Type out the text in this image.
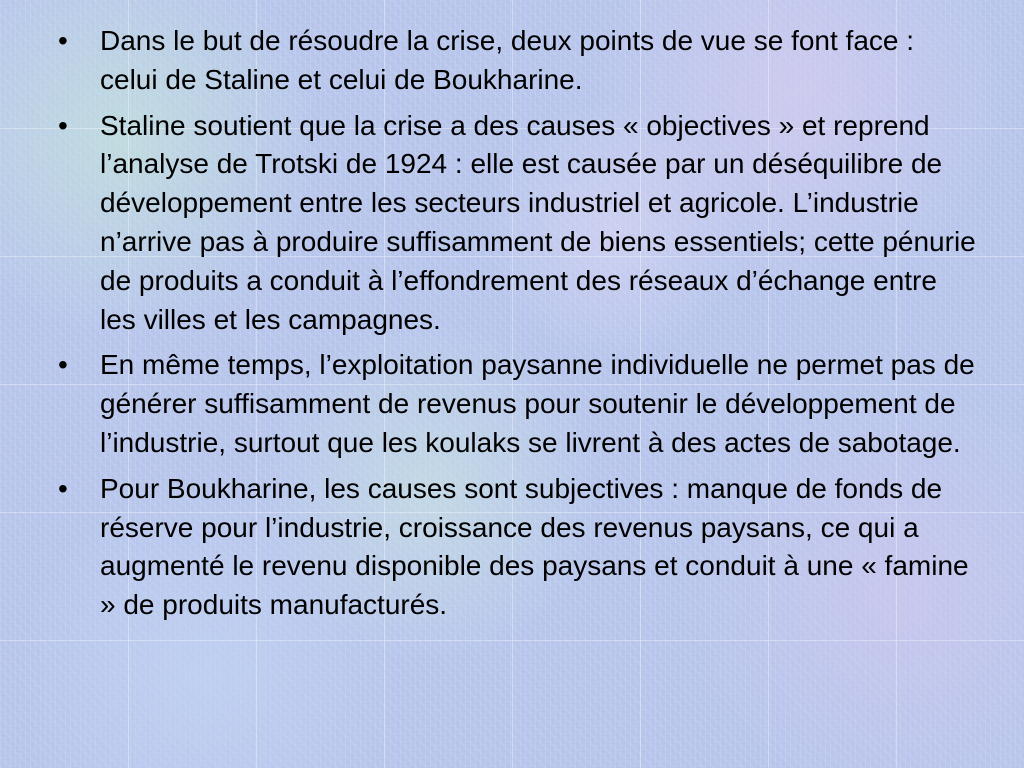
• Dans le but de résoudre la crise, deux points de vue se font face : celui de Staline et celui de Boukharine.
• Staline soutient que la crise a des causes « objectives » et reprend l’analyse de Trotski de 1924 : elle est causée par un déséquilibre de développement entre les secteurs industriel et agricole. L’industrie n’arrive pas à produire suffisamment de biens essentiels; cette pénurie de produits a conduit à l’effondrement des réseaux d’échange entre les villes et les campagnes.
• En même temps, l’exploitation paysanne individuelle ne permet pas de générer suffisamment de revenus pour soutenir le développement de l’industrie, surtout que les koulaks se livrent à des actes de sabotage.
• Pour Boukharine, les causes sont subjectives : manque de fonds de réserve pour l’industrie, croissance des revenus paysans, ce qui a augmenté le revenu disponible des paysans et conduit à une « famine » de produits manufacturés.
